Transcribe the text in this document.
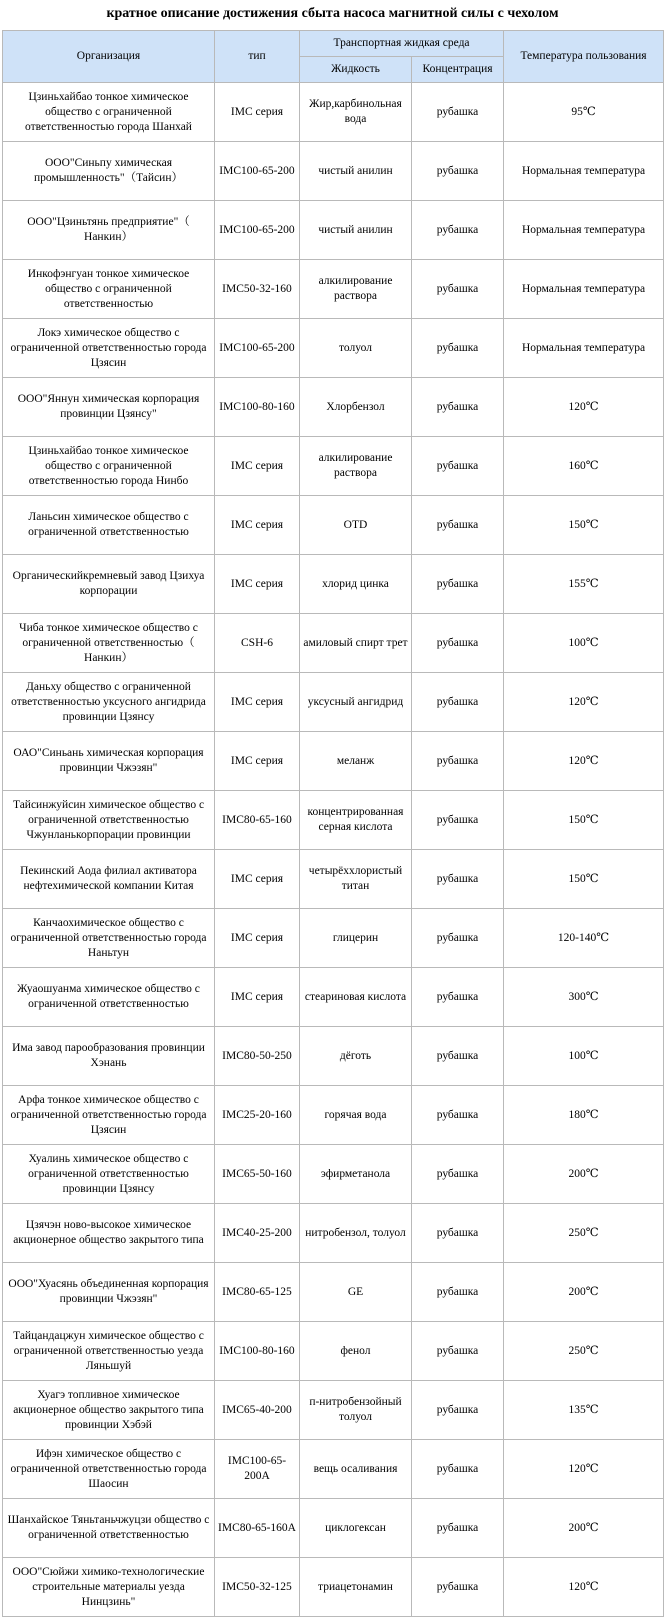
кратное описание достижения сбыта насоса магнитной силы с чехолом
Организация	тип	Транспортная жидкая среда		Температура пользования
		Жидкость	Концентрация	

Цзиньхайбао тонкое химическое общество с ограниченной ответственностью города Шанхай	IMC серия	Жир,карбинольная вода	рубашка	95℃

ООО"Синьпу химическая промышленность"（Тайсин）	IMC100-65-200	чистый анилин	рубашка	Нормальная температура

ООО"Цзиньтянь предприятие"（　Нанкин）	IMC100-65-200	чистый анилин	рубашка	Нормальная температура

Инкофэнгуан тонкое химическое общество с ограниченной ответственностью	IMC50-32-160	алкилирование раствора	рубашка	Нормальная температура

Локэ химическое общество с ограниченной ответственностью города Цзясин	IMC100-65-200	толуол	рубашка	Нормальная температура

ООО"Яннун химическая корпорация провинции Цзянсу"	IMC100-80-160	Хлорбензол	рубашка	120℃

Цзиньхайбао тонкое химическое общество с ограниченной ответственностью города Нинбо	IMC серия	алкилирование раствора	рубашка	160℃

Ланьсин химическое общество с ограниченной ответственностью	IMC серия	OTD	рубашка	150℃

Органическийкремневый завод Цзихуа корпорации	IMC серия	хлорид цинка	рубашка	155℃

Чиба тонкое химическое общество с ограниченной ответственностью（　Нанкин）	CSH-6	амиловый спирт трет	рубашка	100℃

Даньху общество с ограниченной ответственностью уксусного ангидрида провинции Цзянсу	IMC серия	уксусный ангидрид	рубашка	120℃

ОАО"Синьань химическая корпорация провинции Чжэзян"	IMC серия	меланж	рубашка	120℃

Тайсинжуйсин химическое общество с ограниченной ответственностью Чжунланькорпорации провинции	IMC80-65-160	концентрированная серная кислота	рубашка	150℃

Пекинский Аода филиал активатора нефтехимической компании Китая	IMC серия	четырёххлористый титан	рубашка	150℃

Канчаохимическое общество с ограниченной ответственностью города Наньтун	IMC серия	глицерин	рубашка	120-140℃

Жуаошуанма химическое общество с ограниченной ответственностью	IMC серия	стеариновая кислота	рубашка	300℃

Има завод парообразования провинции Хэнань	IMC80-50-250	дёготь	рубашка	100℃

Арфа тонкое химическое общество с ограниченной ответственностью города Цзясин	IMC25-20-160	горячая вода	рубашка	180℃

Хуалинь химическое общество с ограниченной ответственностью провинции Цзянсу	IMC65-50-160	эфирметанола	рубашка	200℃

Цзячэн ново-высокое химическое акционерное общество закрытого типа	IMC40-25-200	нитробензол, толуол	рубашка	250℃

ООО"Хуасянь объединенная корпорация провинции Чжэзян"	IMC80-65-125	GE	рубашка	200℃

Тайцандацжун химическое общество с ограниченной ответственностью уезда Ляньшуй	IMC100-80-160	фенол	рубашка	250℃

Хуагэ топливное химическое акционерное общество закрытого типа провинции Хэбэй	IMC65-40-200	п-нитробензойный толуол	рубашка	135℃

Ифэн химическое общество с ограниченной ответственностью города Шаосин	IMC100-65-200A	вещь осаливания	рубашка	120℃

Шанхайское Тяньтаньчжуцзи общество с ограниченной ответственностью	IMC80-65-160A	циклогексан	рубашка	200℃

ООО"Сюйжи химико-технологические строительные материалы уезда Нинцзинь"	IMC50-32-125	триацетонамин	рубашка	120℃
